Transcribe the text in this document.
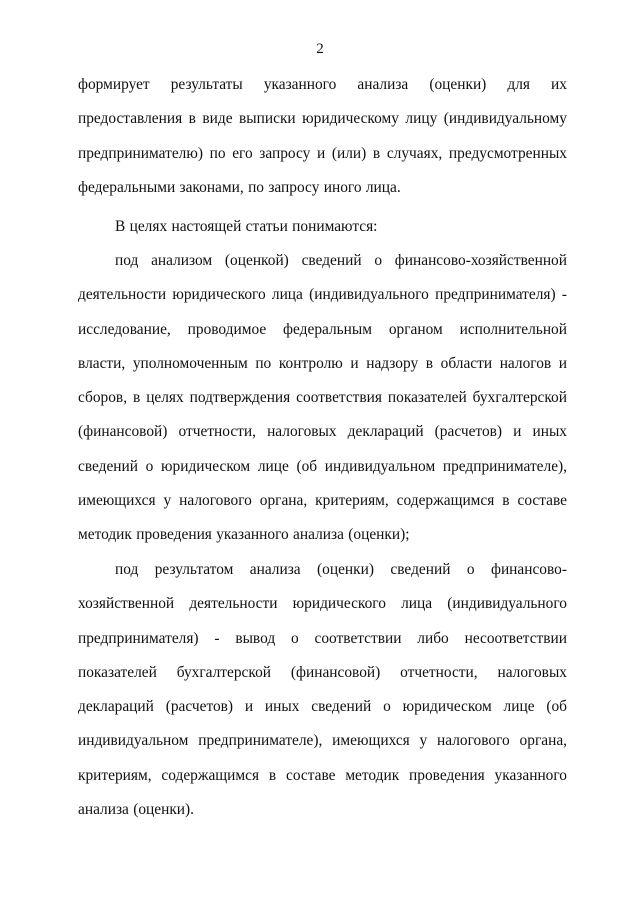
2

формирует результаты указанного анализа (оценки) для их предоставления в виде выписки юридическому лицу (индивидуальному предпринимателю) по его запросу и (или) в случаях, предусмотренных федеральными законами, по запросу иного лица.

В целях настоящей статьи понимаются:

под анализом (оценкой) сведений о финансово-хозяйственной деятельности юридического лица (индивидуального предпринимателя) - исследование, проводимое федеральным органом исполнительной власти, уполномоченным по контролю и надзору в области налогов и сборов, в целях подтверждения соответствия показателей бухгалтерской (финансовой) отчетности, налоговых деклараций (расчетов) и иных сведений о юридическом лице (об индивидуальном предпринимателе), имеющихся у налогового органа, критериям, содержащимся в составе методик проведения указанного анализа (оценки);

под результатом анализа (оценки) сведений о финансово-хозяйственной деятельности юридического лица (индивидуального предпринимателя) - вывод о соответствии либо несоответствии показателей бухгалтерской (финансовой) отчетности, налоговых деклараций (расчетов) и иных сведений о юридическом лице (об индивидуальном предпринимателе), имеющихся у налогового органа, критериям, содержащимся в составе методик проведения указанного анализа (оценки).
